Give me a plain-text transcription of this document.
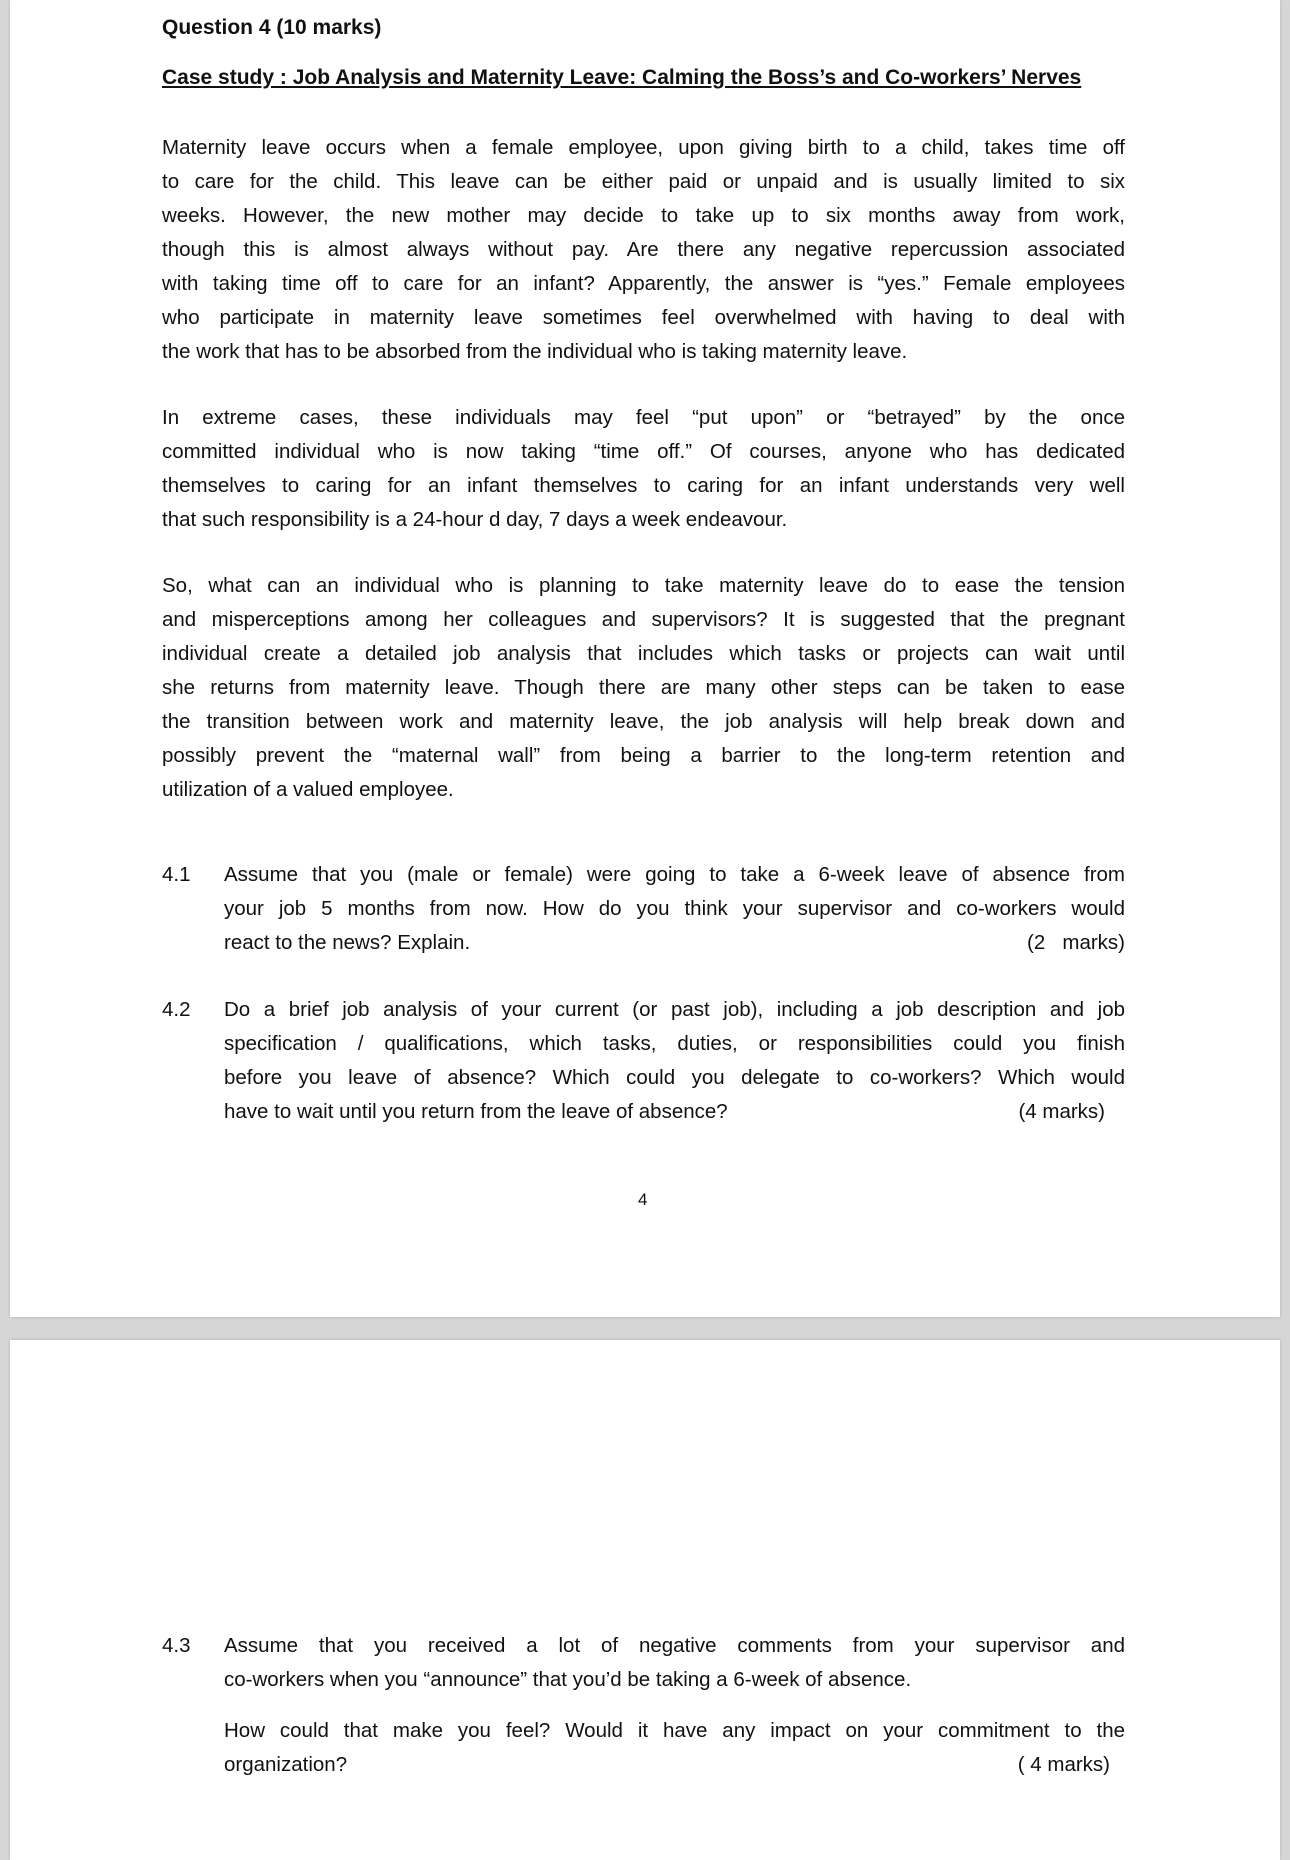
Question 4 (10 marks)
Case study : Job Analysis and Maternity Leave: Calming the Boss’s and Co-workers’ Nerves
Maternity leave occurs when a female employee, upon giving birth to a child, takes time off
to care for the child. This leave can be either paid or unpaid and is usually limited to six
weeks. However, the new mother may decide to take up to six months away from work,
though this is almost always without pay. Are there any negative repercussion associated
with taking time off to care for an infant? Apparently, the answer is “yes.” Female employees
who participate in maternity leave sometimes feel overwhelmed with having to deal with
the work that has to be absorbed from the individual who is taking maternity leave.
In extreme cases, these individuals may feel “put upon” or “betrayed” by the once
committed individual who is now taking “time off.” Of courses, anyone who has dedicated
themselves to caring for an infant themselves to caring for an infant understands very well
that such responsibility is a 24-hour d day, 7 days a week endeavour.
So, what can an individual who is planning to take maternity leave do to ease the tension
and misperceptions among her colleagues and supervisors? It is suggested that the pregnant
individual create a detailed job analysis that includes which tasks or projects can wait until
she returns from maternity leave. Though there are many other steps can be taken to ease
the transition between work and maternity leave, the job analysis will help break down and
possibly prevent the “maternal wall” from being a barrier to the long-term retention and
utilization of a valued employee.
4.1 Assume that you (male or female) were going to take a 6-week leave of absence from
your job 5 months from now. How do you think your supervisor and co-workers would
react to the news? Explain.	(2   marks)
4.2 Do a brief job analysis of your current (or past job), including a job description and job
specification / qualifications, which tasks, duties, or responsibilities could you finish
before you leave of absence? Which could you delegate to co-workers? Which would
have to wait until you return from the leave of absence?	(4 marks)
4
4.3 Assume that you received a lot of negative comments from your supervisor and
co-workers when you “announce” that you’d be taking a 6-week of absence.
How could that make you feel? Would it have any impact on your commitment to the
organization?	( 4 marks)
